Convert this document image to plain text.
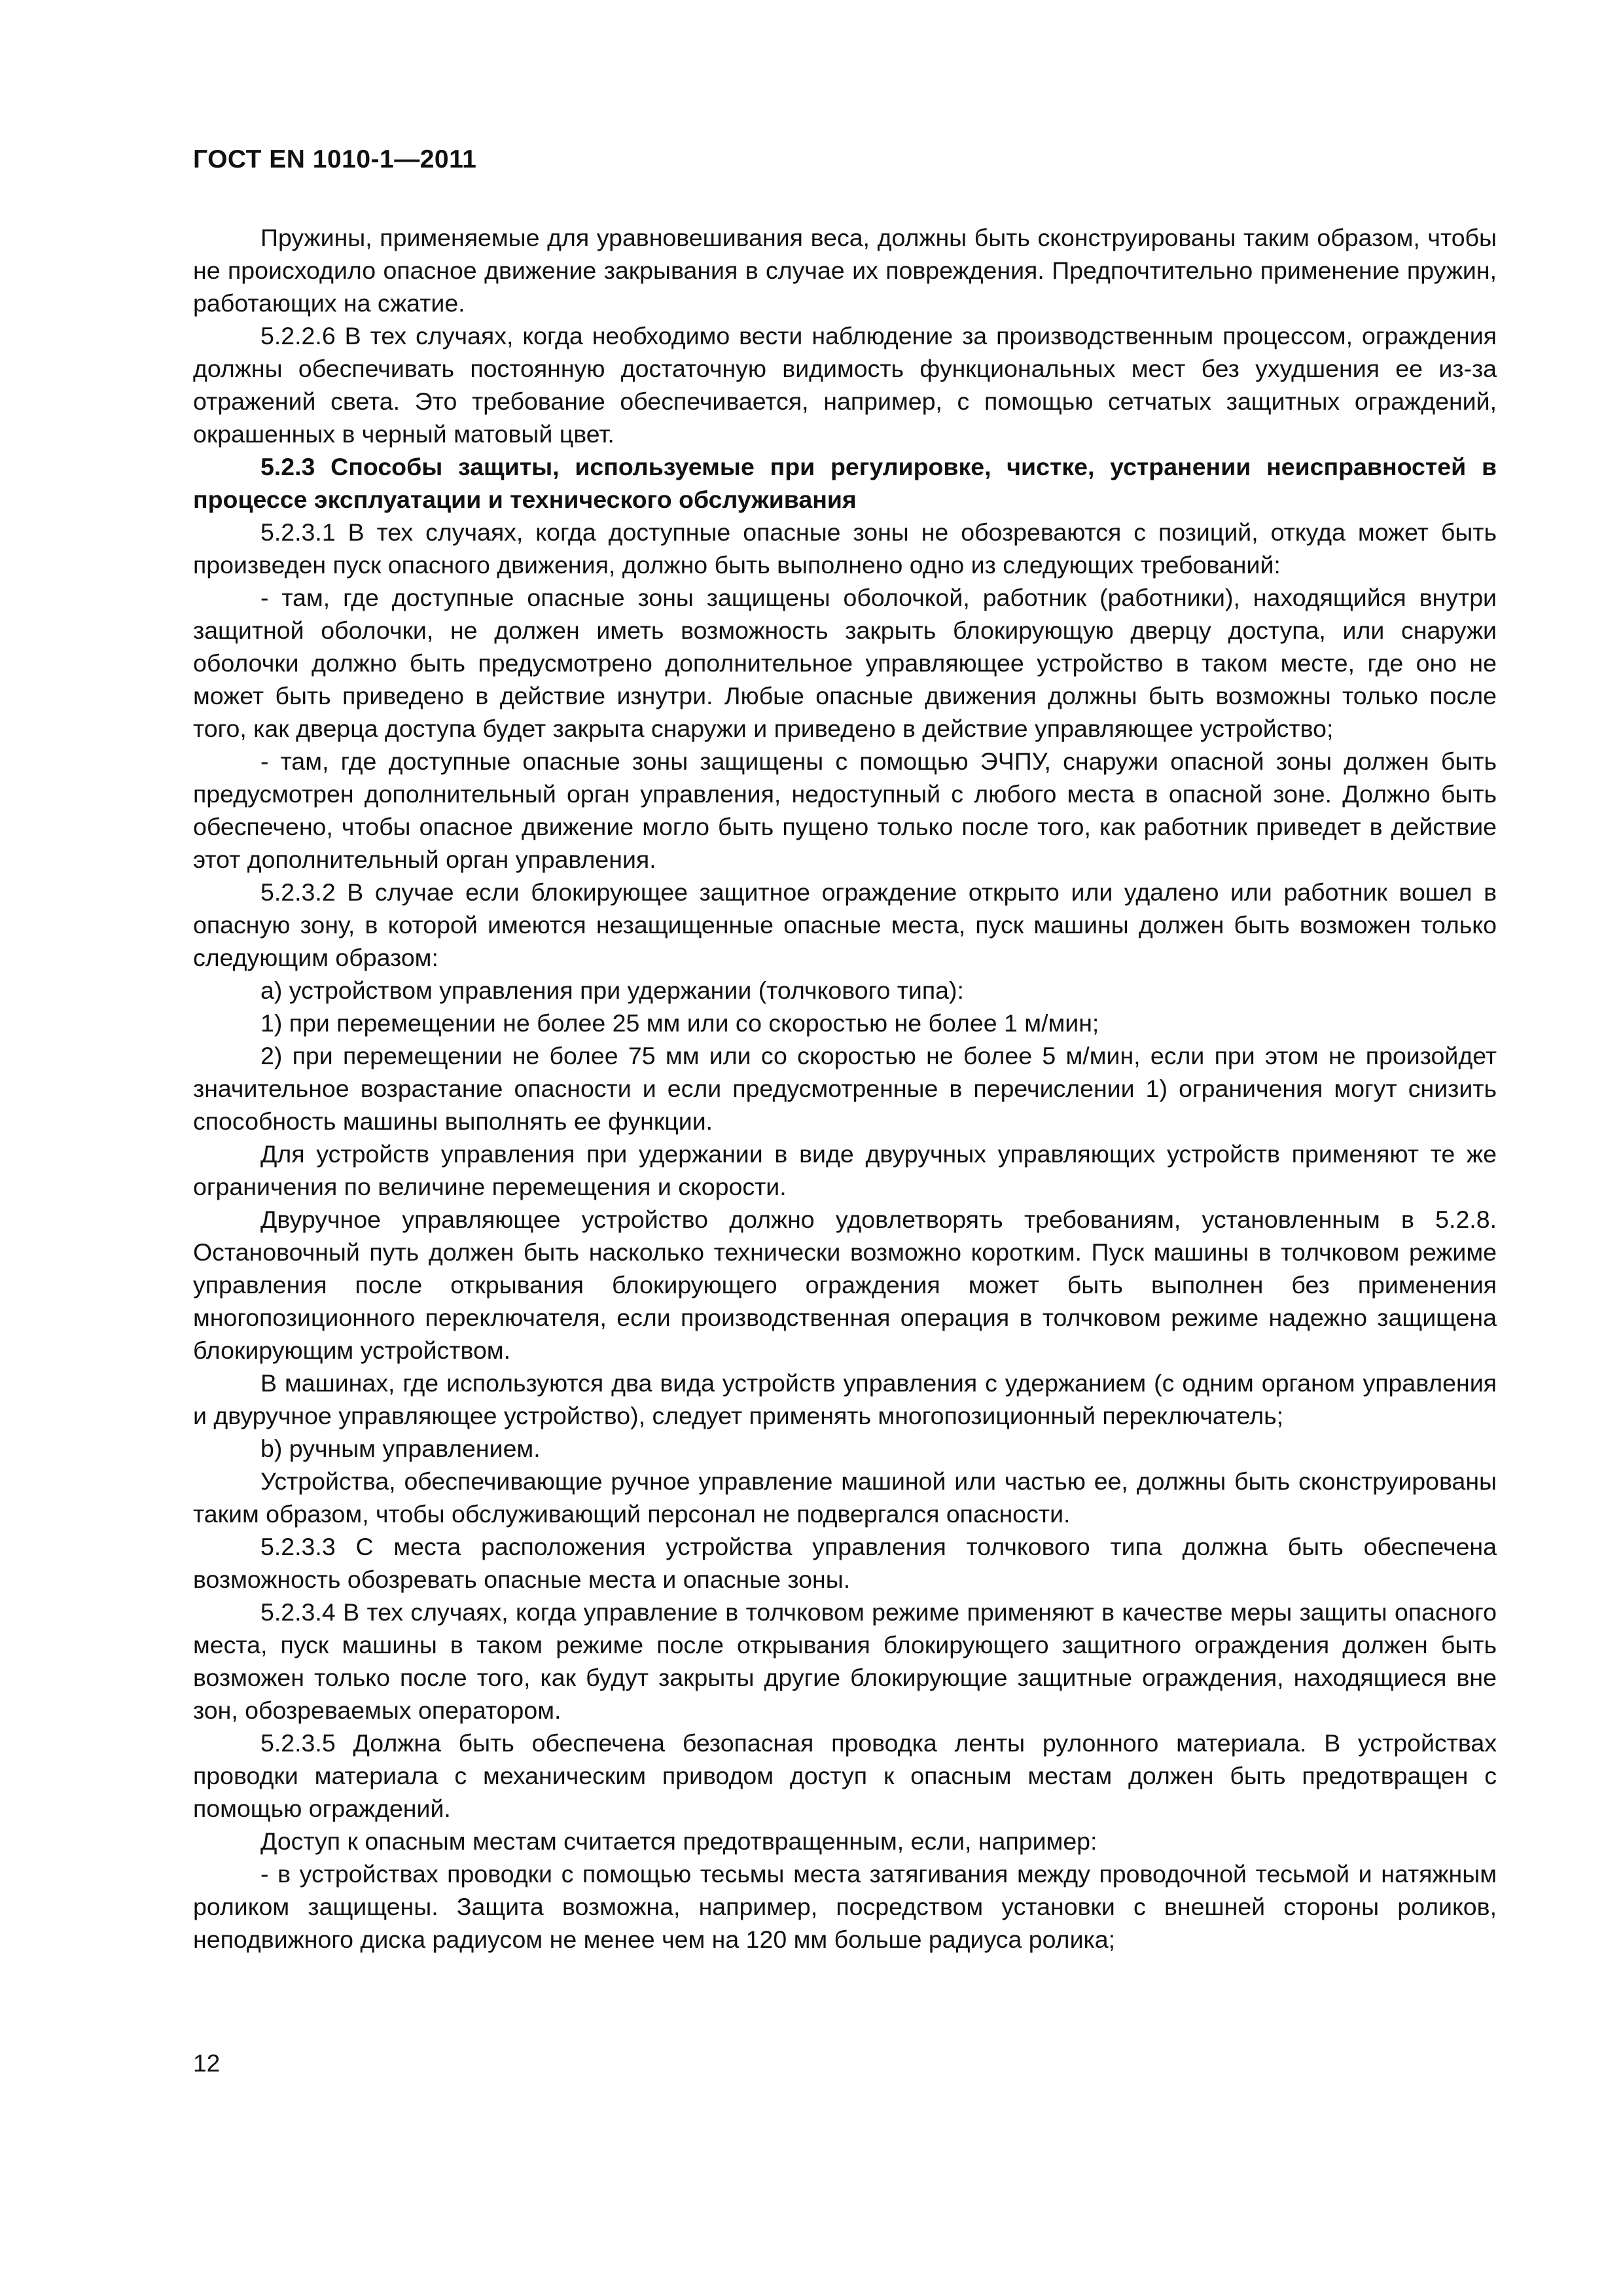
ГОСТ EN 1010-1—2011

Пружины, применяемые для уравновешивания веса, должны быть сконструированы таким образом, чтобы не происходило опасное движение закрывания в случае их повреждения. Предпочтительно применение пружин, работающих на сжатие.

5.2.2.6 В тех случаях, когда необходимо вести наблюдение за производственным процессом, ограждения должны обеспечивать постоянную достаточную видимость функциональных мест без ухудшения ее из-за отражений света. Это требование обеспечивается, например, с помощью сетчатых защитных ограждений, окрашенных в черный матовый цвет.

5.2.3 Способы защиты, используемые при регулировке, чистке, устранении неисправностей в процессе эксплуатации и технического обслуживания

5.2.3.1 В тех случаях, когда доступные опасные зоны не обозреваются с позиций, откуда может быть произведен пуск опасного движения, должно быть выполнено одно из следующих требований:

- там, где доступные опасные зоны защищены оболочкой, работник (работники), находящийся внутри защитной оболочки, не должен иметь возможность закрыть блокирующую дверцу доступа, или снаружи оболочки должно быть предусмотрено дополнительное управляющее устройство в таком месте, где оно не может быть приведено в действие изнутри. Любые опасные движения должны быть возможны только после того, как дверца доступа будет закрыта снаружи и приведено в действие управляющее устройство;

- там, где доступные опасные зоны защищены с помощью ЭЧПУ, снаружи опасной зоны должен быть предусмотрен дополнительный орган управления, недоступный с любого места в опасной зоне. Должно быть обеспечено, чтобы опасное движение могло быть пущено только после того, как работник приведет в действие этот дополнительный орган управления.

5.2.3.2 В случае если блокирующее защитное ограждение открыто или удалено или работник вошел в опасную зону, в которой имеются незащищенные опасные места, пуск машины должен быть возможен только следующим образом:

a) устройством управления при удержании (толчкового типа):

1) при перемещении не более 25 мм или со скоростью не более 1 м/мин;

2) при перемещении не более 75 мм или со скоростью не более 5 м/мин, если при этом не произойдет значительное возрастание опасности и если предусмотренные в перечислении 1) ограничения могут снизить способность машины выполнять ее функции.

Для устройств управления при удержании в виде двуручных управляющих устройств применяют те же ограничения по величине перемещения и скорости.

Двуручное управляющее устройство должно удовлетворять требованиям, установленным в 5.2.8. Остановочный путь должен быть насколько технически возможно коротким. Пуск машины в толчковом режиме управления после открывания блокирующего ограждения может быть выполнен без применения многопозиционного переключателя, если производственная операция в толчковом режиме надежно защищена блокирующим устройством.

В машинах, где используются два вида устройств управления с удержанием (с одним органом управления и двуручное управляющее устройство), следует применять многопозиционный переключатель;

b) ручным управлением.

Устройства, обеспечивающие ручное управление машиной или частью ее, должны быть сконструированы таким образом, чтобы обслуживающий персонал не подвергался опасности.

5.2.3.3 С места расположения устройства управления толчкового типа должна быть обеспечена возможность обозревать опасные места и опасные зоны.

5.2.3.4 В тех случаях, когда управление в толчковом режиме применяют в качестве меры защиты опасного места, пуск машины в таком режиме после открывания блокирующего защитного ограждения должен быть возможен только после того, как будут закрыты другие блокирующие защитные ограждения, находящиеся вне зон, обозреваемых оператором.

5.2.3.5 Должна быть обеспечена безопасная проводка ленты рулонного материала. В устройствах проводки материала с механическим приводом доступ к опасным местам должен быть предотвращен с помощью ограждений.

Доступ к опасным местам считается предотвращенным, если, например:

- в устройствах проводки с помощью тесьмы места затягивания между проводочной тесьмой и натяжным роликом защищены. Защита возможна, например, посредством установки с внешней стороны роликов, неподвижного диска радиусом не менее чем на 120 мм больше радиуса ролика;

12
